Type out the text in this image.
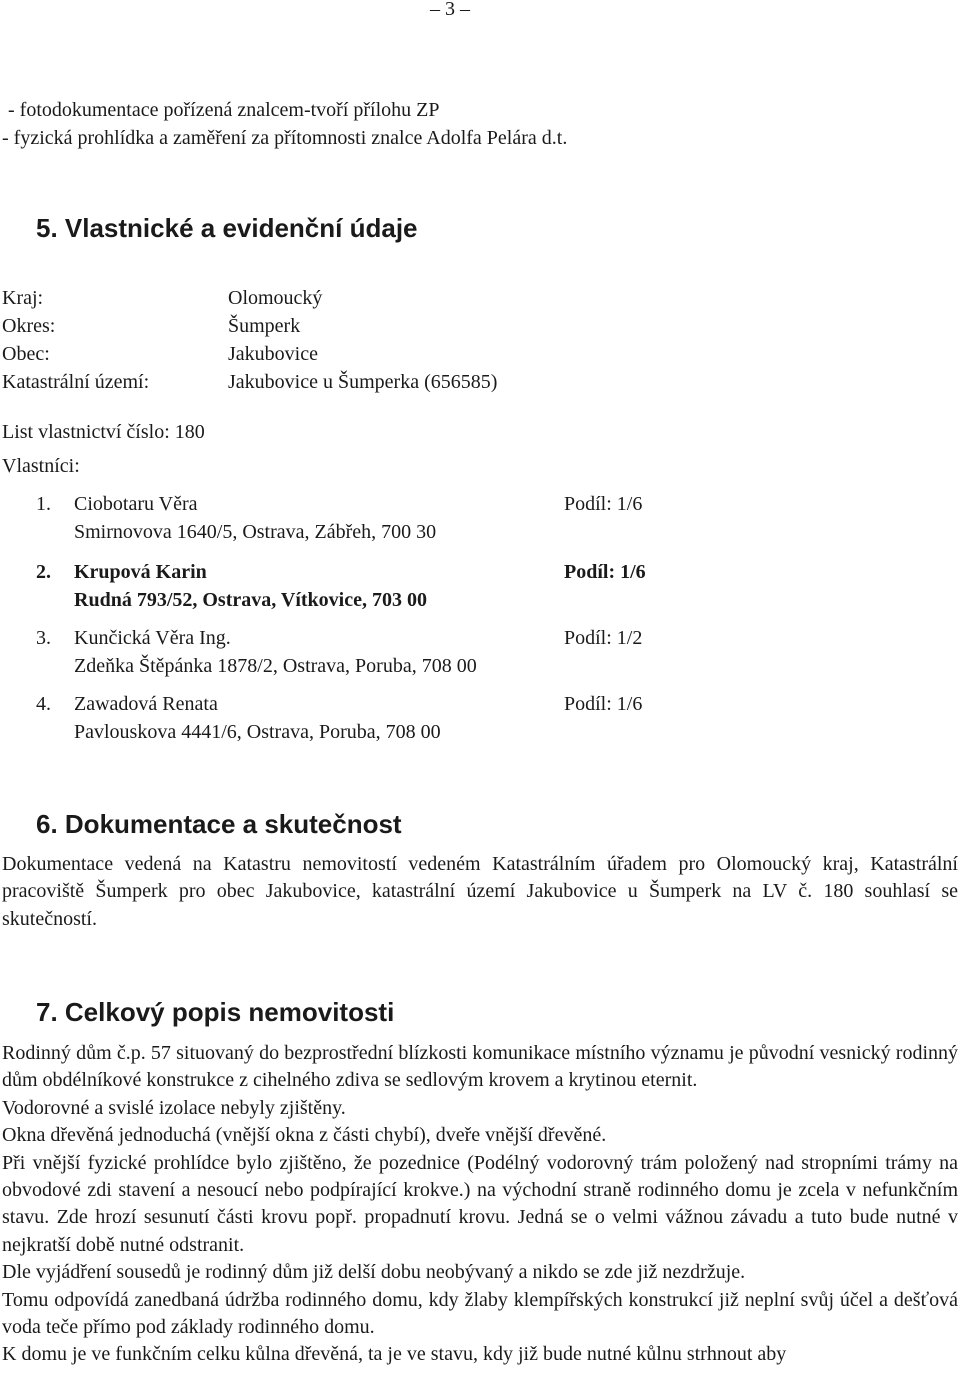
– 3 –
- fotodokumentace pořízená znalcem-tvoří přílohu ZP
- fyzická prohlídka a zaměření za přítomnosti znalce Adolfa Pelára d.t.
5. Vlastnické a evidenční údaje
Kraj:	Olomoucký
Okres:	Šumperk
Obec:	Jakubovice
Katastrální území:	Jakubovice u Šumperka (656585)
List vlastnictví číslo: 180
Vlastníci:
1. Ciobotaru Věra	Podíl: 1/6
Smirnovova 1640/5, Ostrava, Zábřeh, 700 30
2. Krupová Karin	Podíl: 1/6
Rudná 793/52, Ostrava, Vítkovice, 703 00
3. Kunčická Věra Ing.	Podíl: 1/2
Zdeňka Štěpánka 1878/2, Ostrava, Poruba, 708 00
4. Zawadová Renata	Podíl: 1/6
Pavlouskova 4441/6, Ostrava, Poruba, 708 00
6. Dokumentace a skutečnost

Dokumentace vedená na Katastru nemovitostí vedeném Katastrálním úřadem pro Olomoucký kraj, Katastrální pracoviště Šumperk pro obec Jakubovice, katastrální území Jakubovice u Šumperk na LV č. 180 souhlasí se skutečností.

7. Celkový popis nemovitosti

Rodinný dům č.p. 57 situovaný do bezprostřední blízkosti komunikace místního významu je původní vesnický rodinný dům obdélníkové konstrukce z cihelného zdiva se sedlovým krovem a krytinou eternit.

Vodorovné a svislé izolace nebyly zjištěny.

Okna dřevěná jednoduchá (vnější okna z části chybí), dveře vnější dřevěné.

Při vnější fyzické prohlídce bylo zjištěno, že pozednice (Podélný vodorovný trám položený nad stropními trámy na obvodové zdi stavení a nesoucí nebo podpírající krokve.) na východní straně rodinného domu je zcela v nefunkčním stavu. Zde hrozí sesunutí části krovu popř. propadnutí krovu. Jedná se o velmi vážnou závadu a tuto bude nutné v nejkratší době nutné odstranit.

Dle vyjádření sousedů je rodinný dům již delší dobu neobývaný a nikdo se zde již nezdržuje.

Tomu odpovídá zanedbaná údržba rodinného domu, kdy žlaby klempířských konstrukcí již neplní svůj účel a dešťová voda teče přímo pod základy rodinného domu.

K domu je ve funkčním celku kůlna dřevěná, ta je ve stavu, kdy již bude nutné kůlnu strhnout aby
